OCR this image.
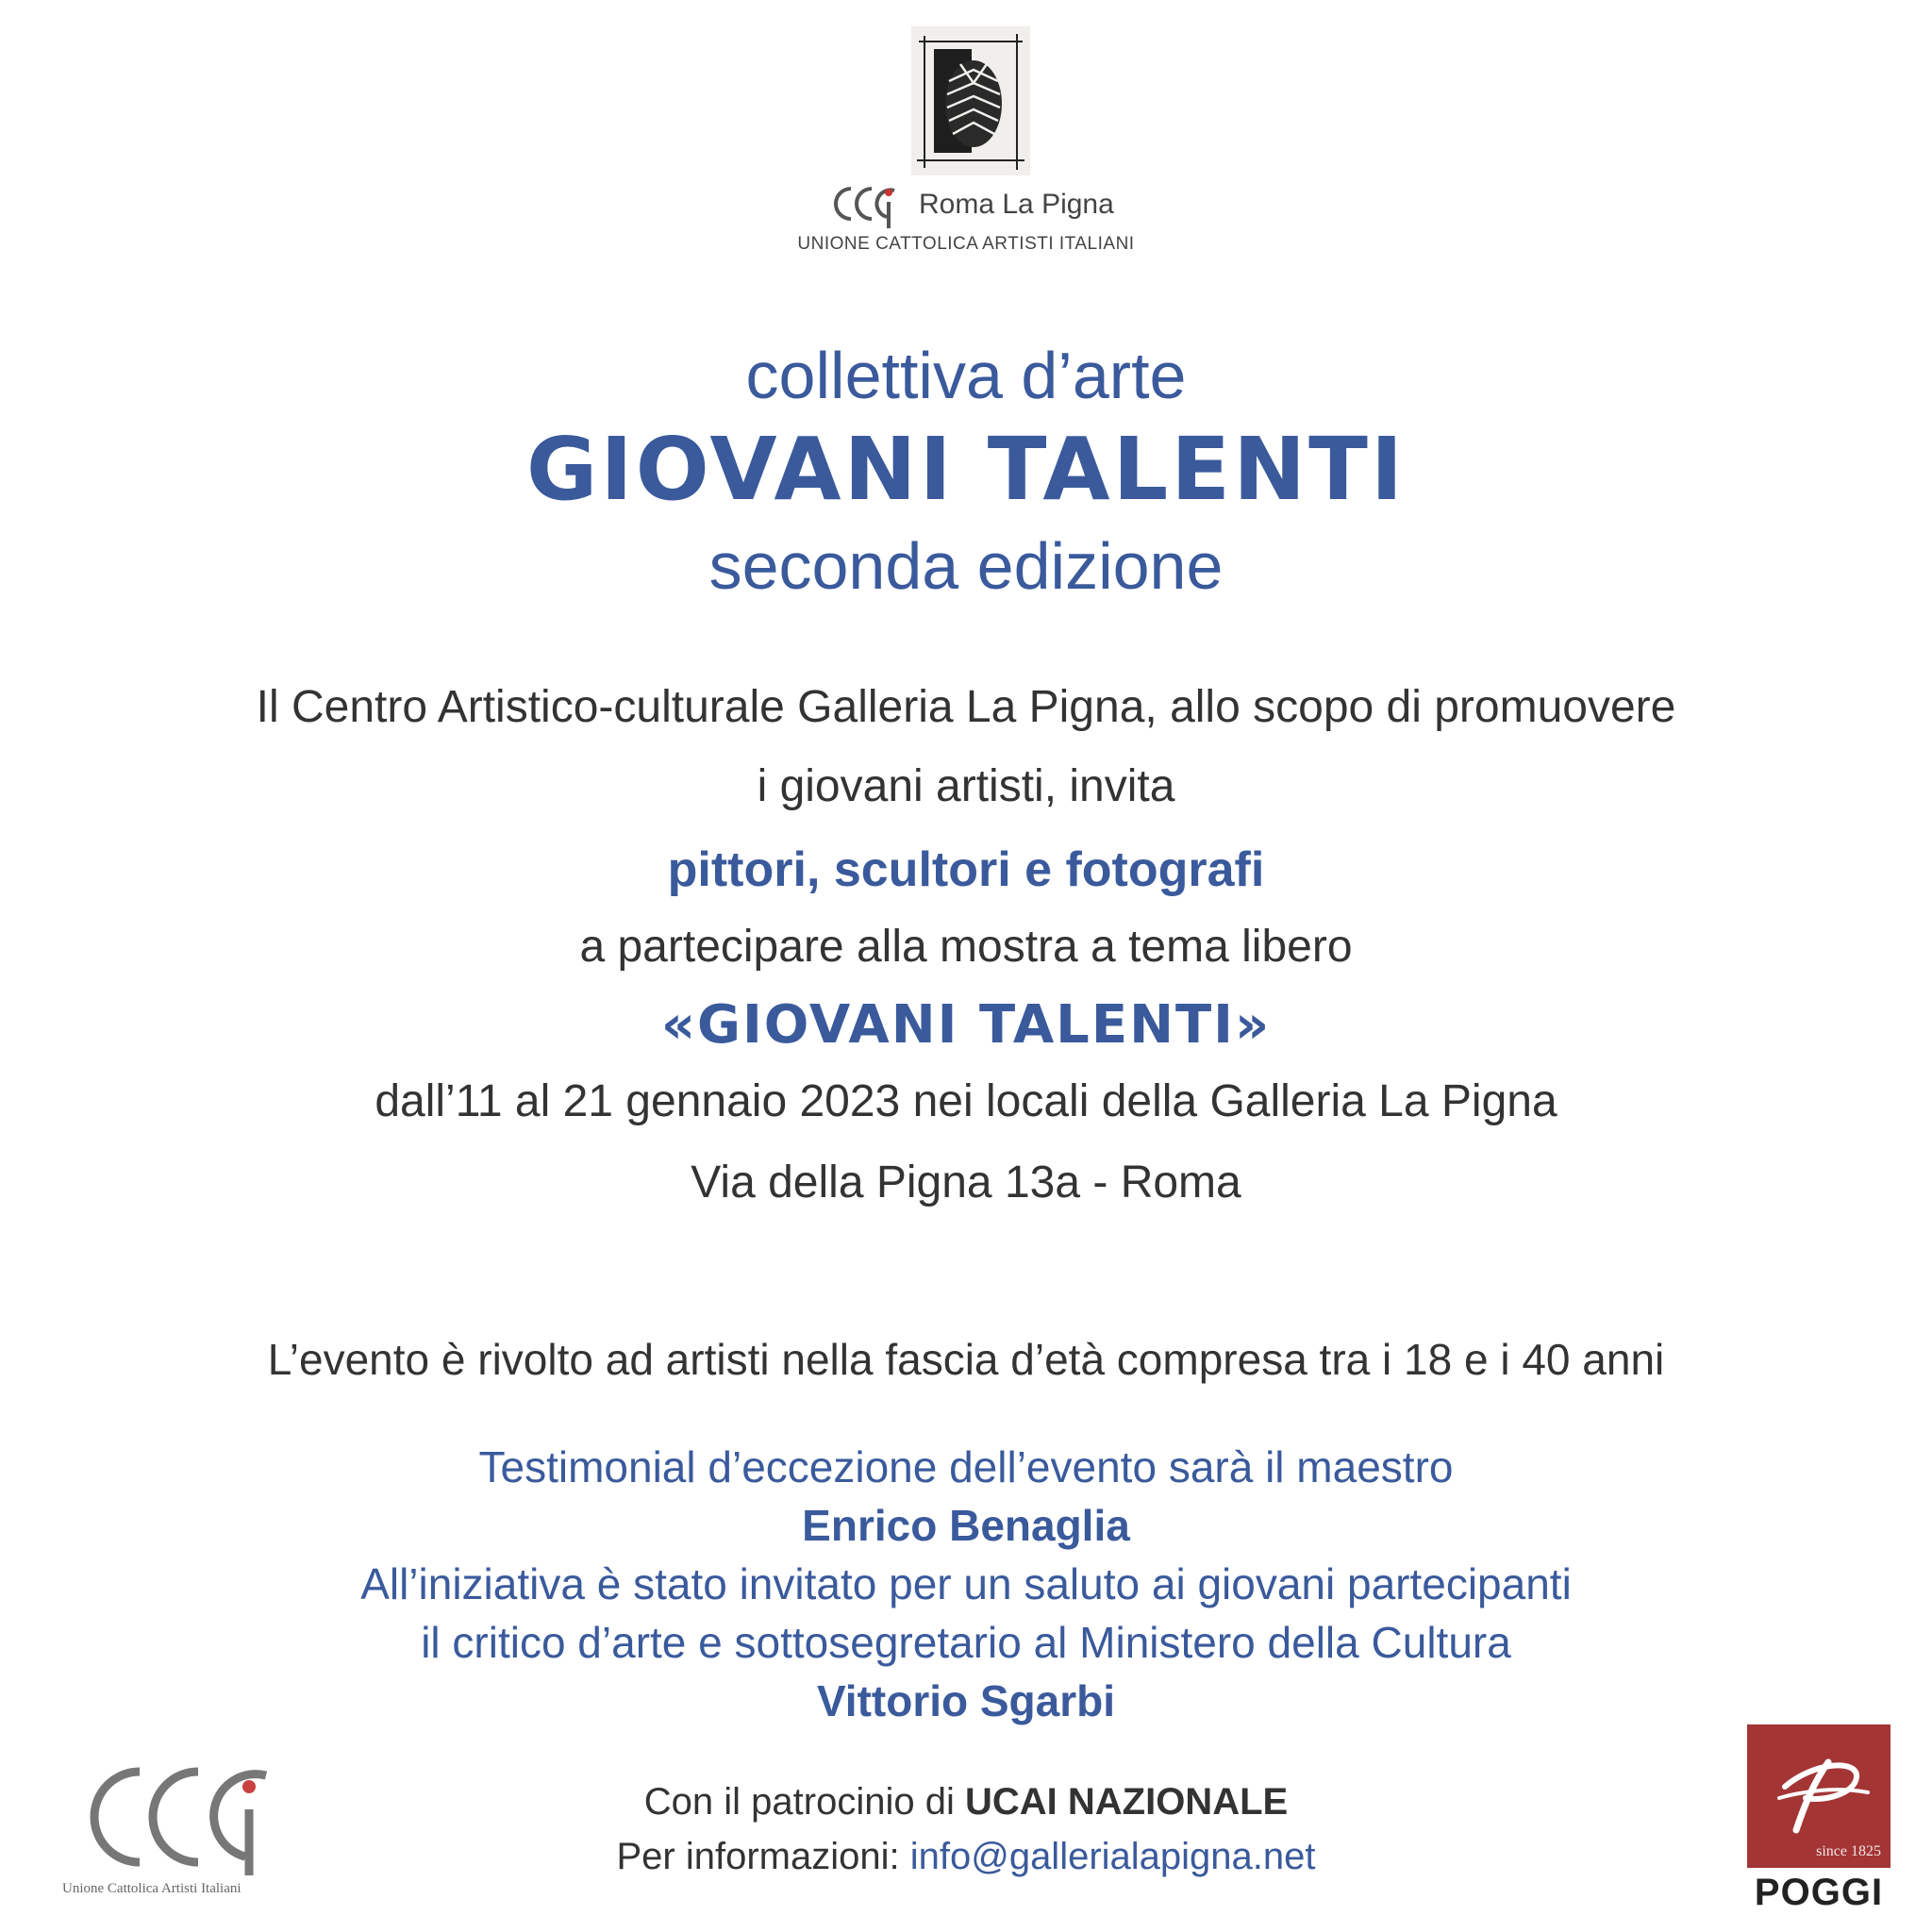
Roma La Pigna
UNIONE CATTOLICA ARTISTI ITALIANI
collettiva d’arte
GIOVANI TALENTI
seconda edizione
Il Centro Artistico-culturale Galleria La Pigna, allo scopo di promuovere
i giovani artisti, invita
pittori, scultori e fotografi
a partecipare alla mostra a tema libero
«GIOVANI TALENTI»
dall’11 al 21 gennaio 2023 nei locali della Galleria La Pigna
Via della Pigna 13a - Roma
L’evento è rivolto ad artisti nella fascia d’età compresa tra i 18 e i 40 anni
Testimonial d’eccezione dell’evento sarà il maestro
Enrico Benaglia
All’iniziativa è stato invitato per un saluto ai giovani partecipanti
il critico d’arte e sottosegretario al Ministero della Cultura
Vittorio Sgarbi
Con il patrocinio di UCAI NAZIONALE
Per informazioni: info@gallerialapigna.net
Unione Cattolica Artisti Italiani
since 1825
POGGI
